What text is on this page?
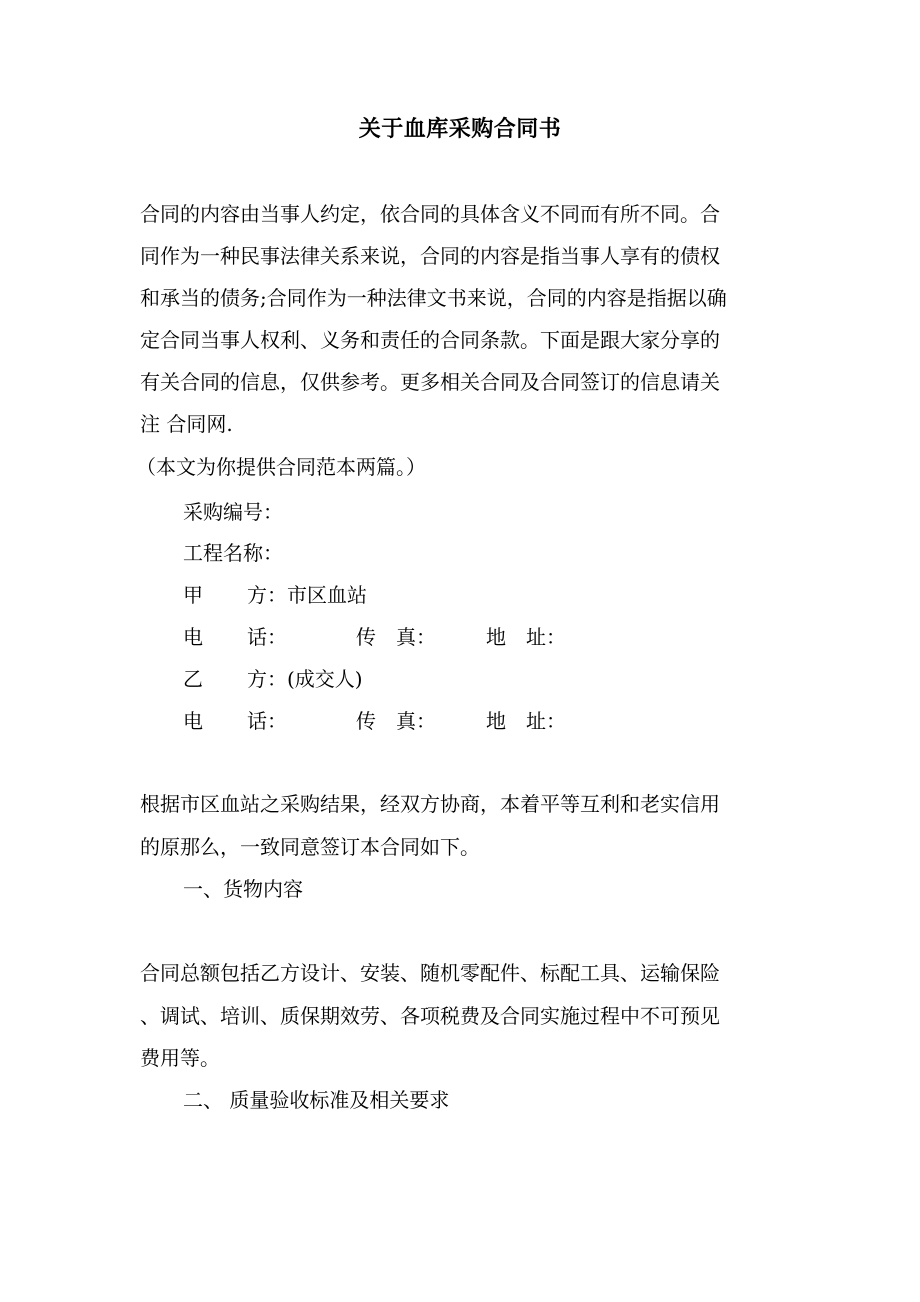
关于血库采购合同书
合同的内容由当事人约定，依合同的具体含义不同而有所不同。合
同作为一种民事法律关系来说，合同的内容是指当事人享有的债权
和承当的债务;合同作为一种法律文书来说，合同的内容是指据以确
定合同当事人权利、义务和责任的合同条款。下面是跟大家分享的
有关合同的信息，仅供参考。更多相关合同及合同签订的信息请关
注 合同网.
（本文为你提供合同范本两篇。）
采购编号：
工程名称：
甲 方：市区血站
电 话：	传　真：	地　址：
乙 方：(成交人)
电 话：	传　真：	地　址：
根据市区血站之采购结果，经双方协商，本着平等互利和老实信用
的原那么，一致同意签订本合同如下。
一、货物内容
合同总额包括乙方设计、安装、随机零配件、标配工具、运输保险
、调试、培训、质保期效劳、各项税费及合同实施过程中不可预见
费用等。
二、 质量验收标准及相关要求
